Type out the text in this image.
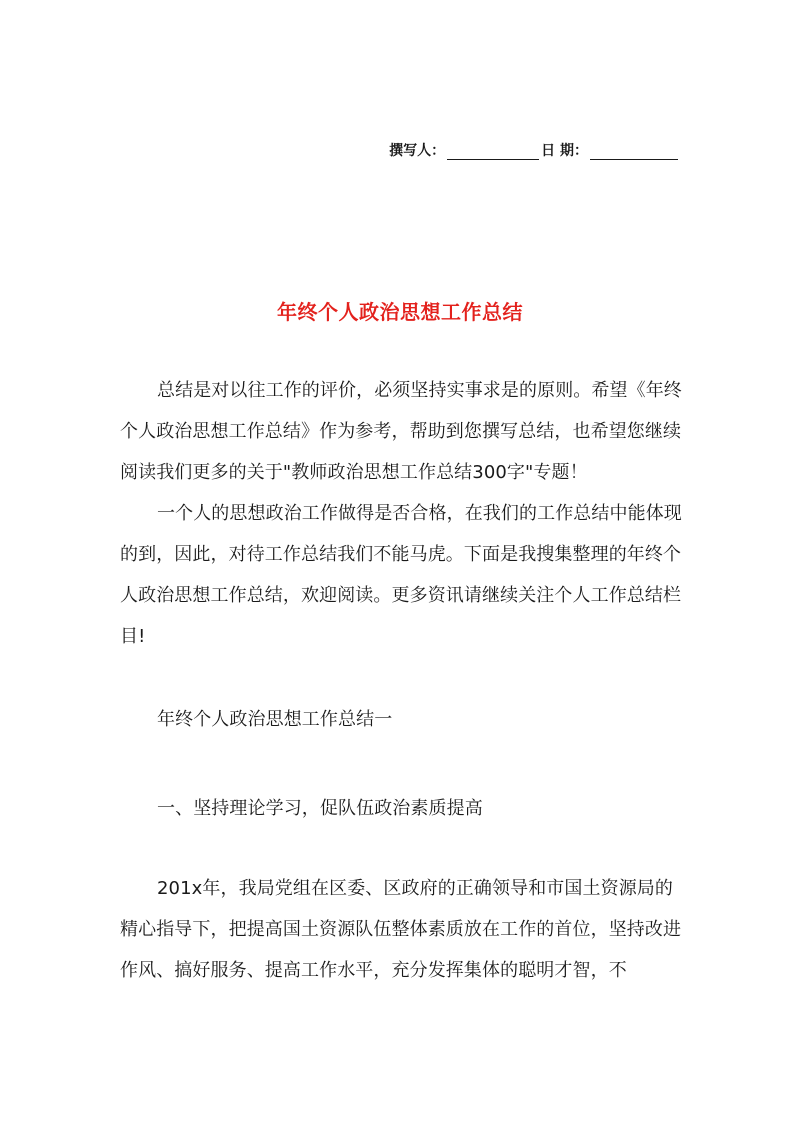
撰写人：	日 期：
年终个人政治思想工作总结
总结是对以往工作的评价，必须坚持实事求是的原则。希望《年终个人政治思想工作总结》作为参考，帮助到您撰写总结，也希望您继续阅读我们更多的关于"教师政治思想工作总结300字"专题！
一个人的思想政治工作做得是否合格，在我们的工作总结中能体现的到，因此，对待工作总结我们不能马虎。下面是我搜集整理的年终个人政治思想工作总结，欢迎阅读。更多资讯请继续关注个人工作总结栏目!
年终个人政治思想工作总结一
一、坚持理论学习，促队伍政治素质提高
201x年，我局党组在区委、区政府的正确领导和市国土资源局的精心指导下，把提高国土资源队伍整体素质放在工作的首位，坚持改进作风、搞好服务、提高工作水平，充分发挥集体的聪明才智，不
